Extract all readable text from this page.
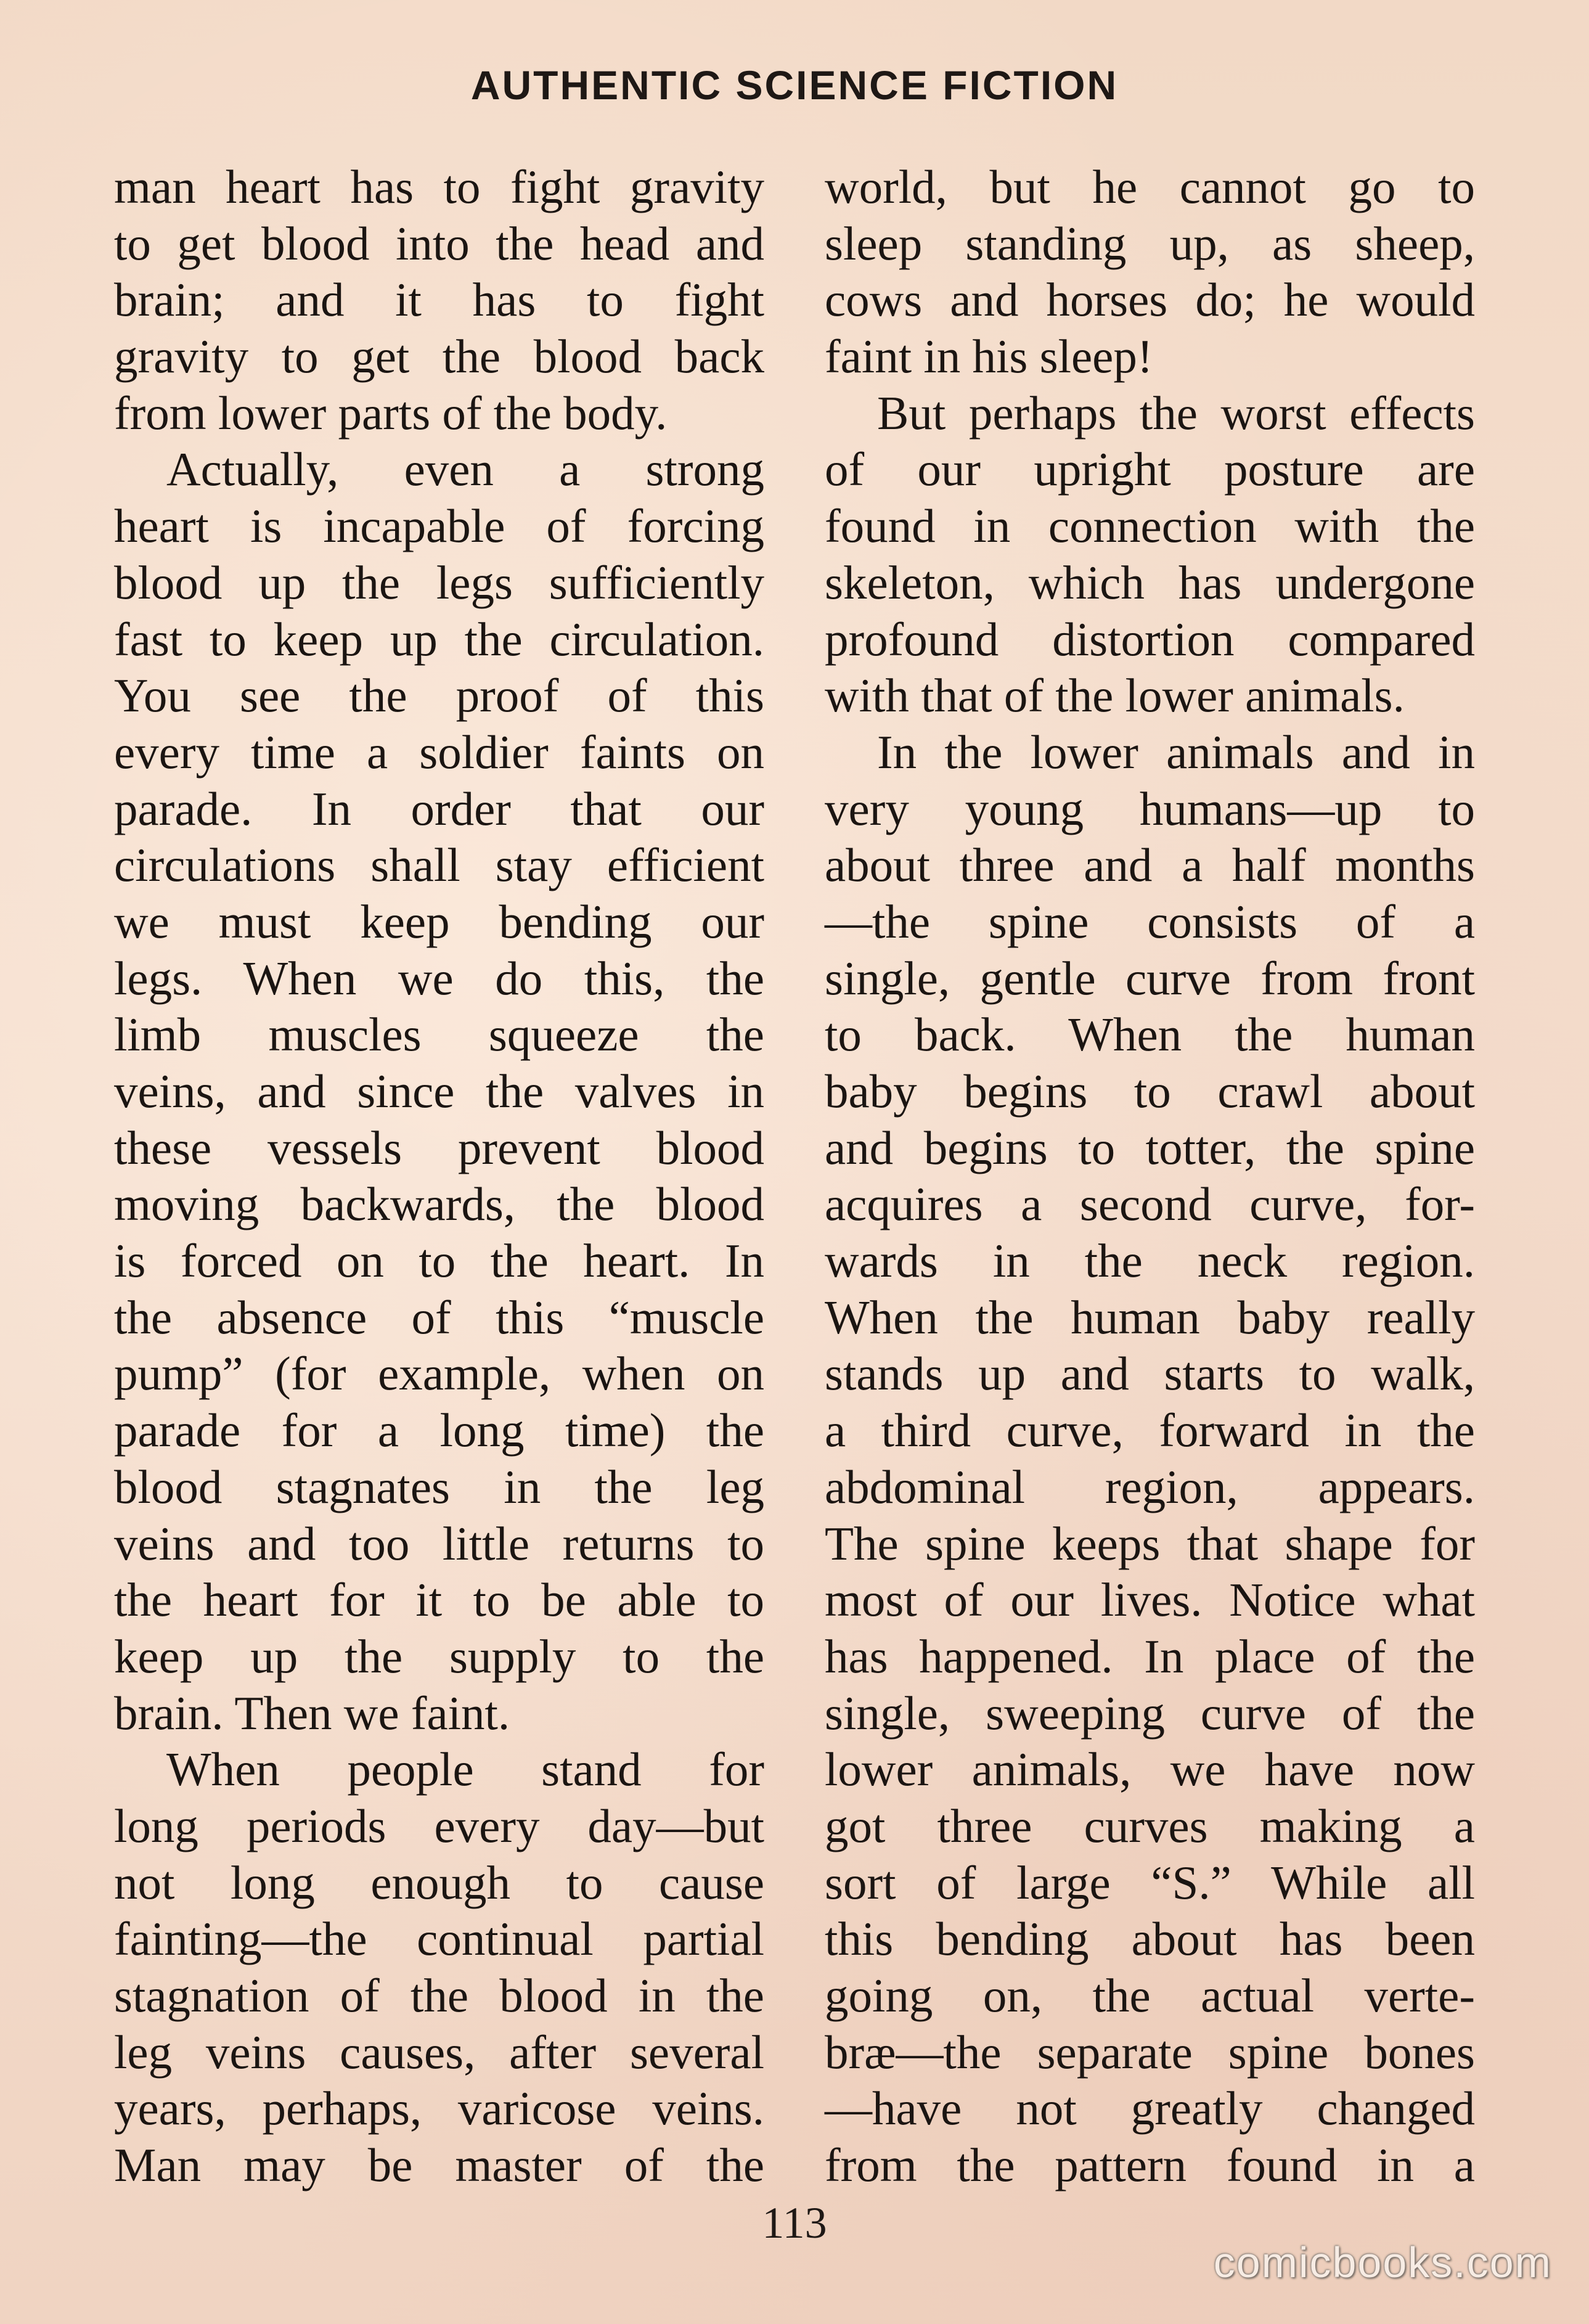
AUTHENTIC SCIENCE FICTION
man heart has to fight gravity
to get blood into the head and
brain; and it has to fight
gravity to get the blood back
from lower parts of the body.
Actually, even a strong
heart is incapable of forcing
blood up the legs sufficiently
fast to keep up the circulation.
You see the proof of this
every time a soldier faints on
parade. In order that our
circulations shall stay efficient
we must keep bending our
legs. When we do this, the
limb muscles squeeze the
veins, and since the valves in
these vessels prevent blood
moving backwards, the blood
is forced on to the heart. In
the absence of this “muscle
pump” (for example, when on
parade for a long time) the
blood stagnates in the leg
veins and too little returns to
the heart for it to be able to
keep up the supply to the
brain. Then we faint.
When people stand for
long periods every day—but
not long enough to cause
fainting—the continual partial
stagnation of the blood in the
leg veins causes, after several
years, perhaps, varicose veins.
Man may be master of the
world, but he cannot go to
sleep standing up, as sheep,
cows and horses do; he would
faint in his sleep!
But perhaps the worst effects
of our upright posture are
found in connection with the
skeleton, which has undergone
profound distortion compared
with that of the lower animals.
In the lower animals and in
very young humans—up to
about three and a half months
—the spine consists of a
single, gentle curve from front
to back. When the human
baby begins to crawl about
and begins to totter, the spine
acquires a second curve, for-
wards in the neck region.
When the human baby really
stands up and starts to walk,
a third curve, forward in the
abdominal region, appears.
The spine keeps that shape for
most of our lives. Notice what
has happened. In place of the
single, sweeping curve of the
lower animals, we have now
got three curves making a
sort of large “S.” While all
this bending about has been
going on, the actual verte-
bræ—the separate spine bones
—have not greatly changed
from the pattern found in a
113
comicbooks.com
